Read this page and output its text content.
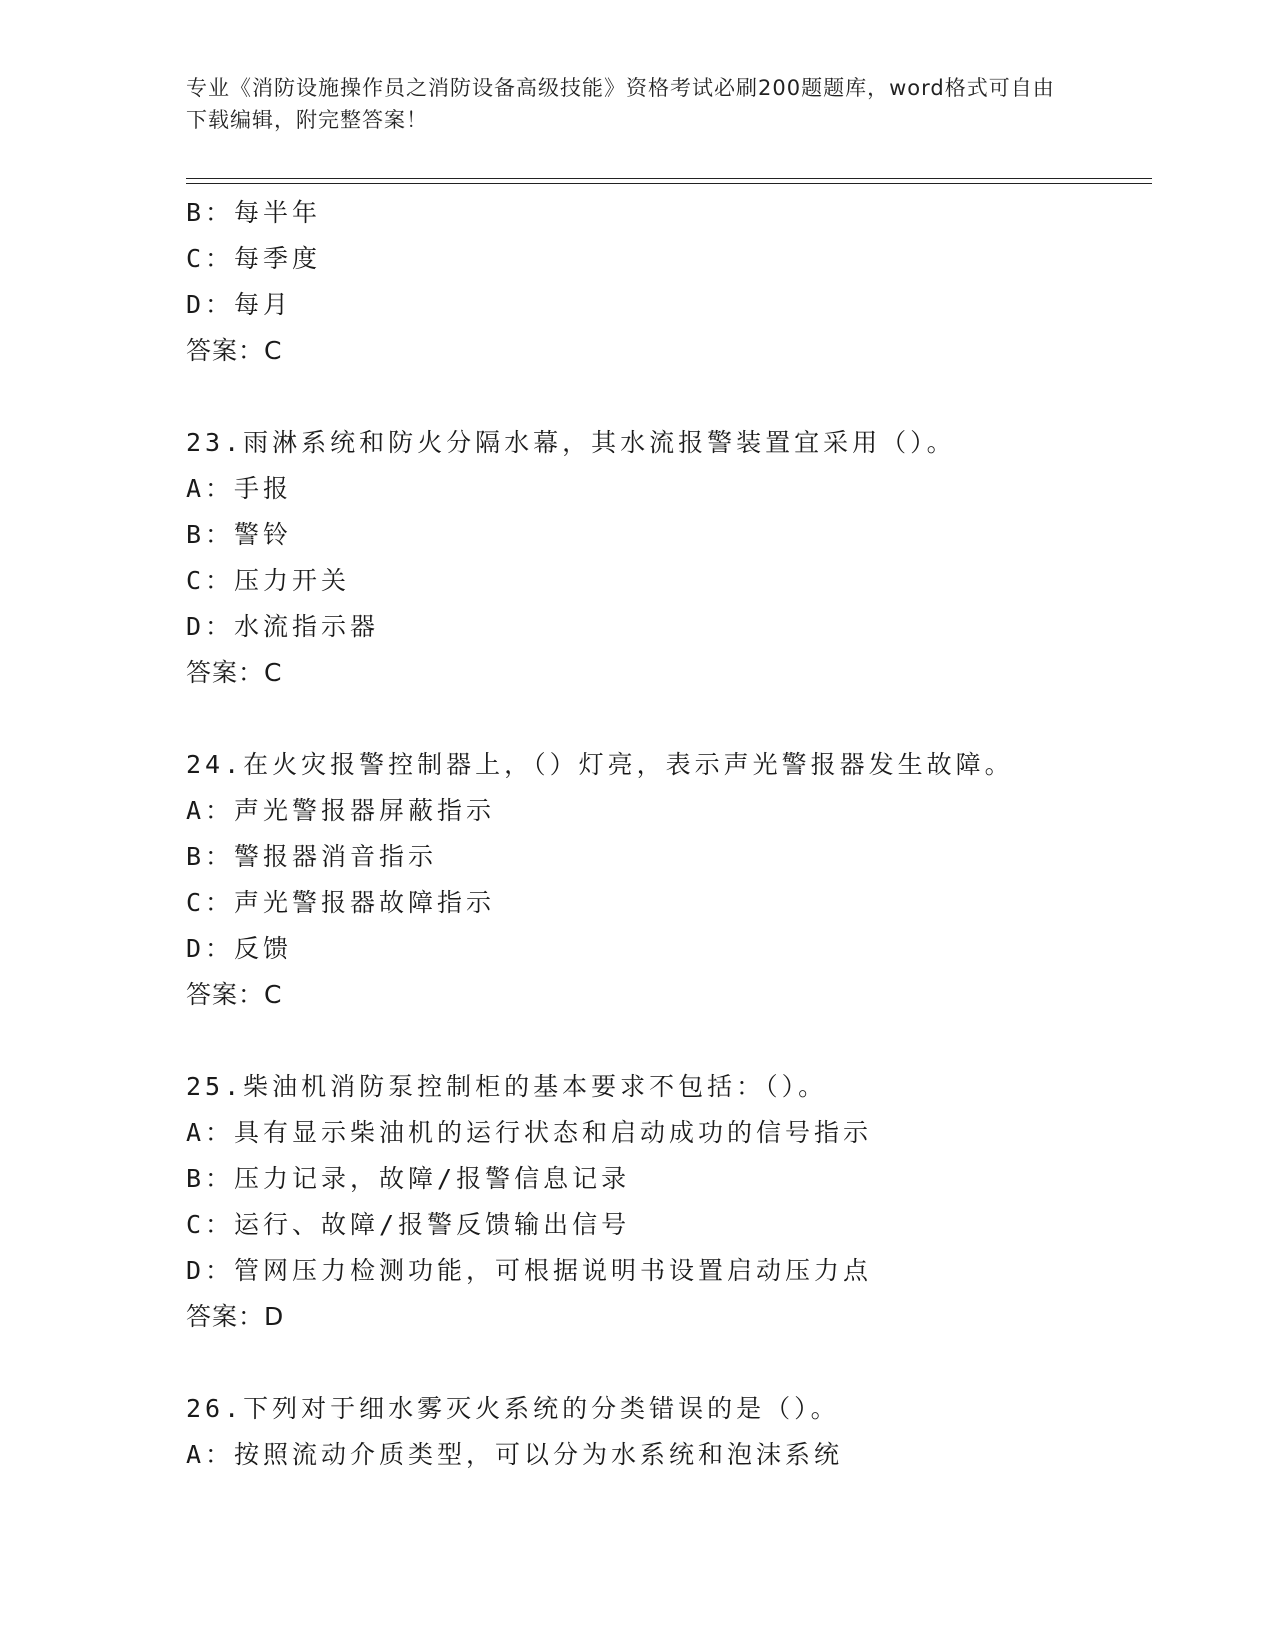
专业《消防设施操作员之消防设备高级技能》资格考试必刷200题题库，word格式可自由下载编辑，附完整答案！
B：每半年
C：每季度
D：每月
答案：C
23.雨淋系统和防火分隔水幕，其水流报警装置宜采用（）。
A：手报
B：警铃
C：压力开关
D：水流指示器
答案：C
24.在火灾报警控制器上，（）灯亮，表示声光警报器发生故障。
A：声光警报器屏蔽指示
B：警报器消音指示
C：声光警报器故障指示
D：反馈
答案：C
25.柴油机消防泵控制柜的基本要求不包括：（）。
A：具有显示柴油机的运行状态和启动成功的信号指示
B：压力记录，故障/报警信息记录
C：运行、故障/报警反馈输出信号
D：管网压力检测功能，可根据说明书设置启动压力点
答案：D
26.下列对于细水雾灭火系统的分类错误的是（）。
A：按照流动介质类型，可以分为水系统和泡沫系统
